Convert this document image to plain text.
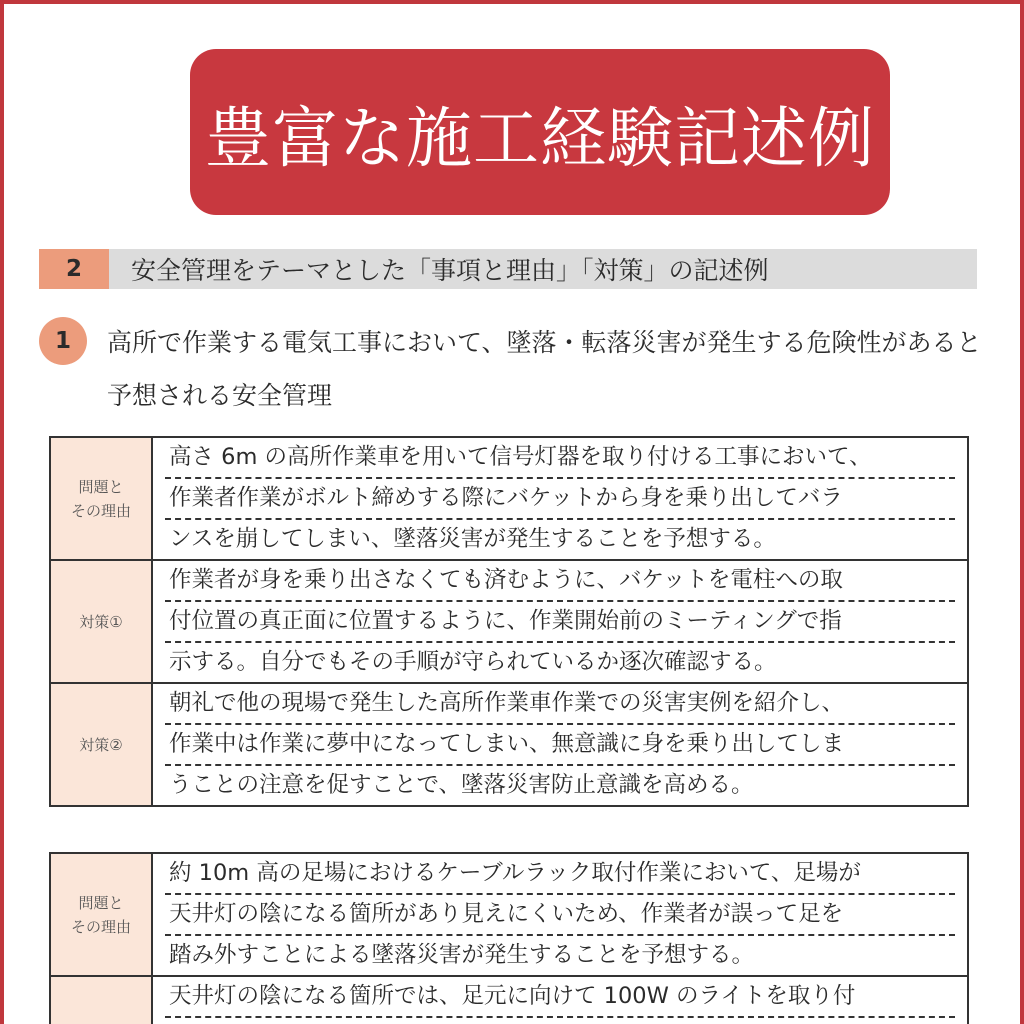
豊富な施工経験記述例
2	安全管理をテーマとした「事項と理由」「対策」の記述例
1	高所で作業する電気工事において、墜落・転落災害が発生する危険性があると予想される安全管理
問題と
その理由
高さ 6m の高所作業車を用いて信号灯器を取り付ける工事において、
作業者作業がボルト締めする際にバケットから身を乗り出してバラ
ンスを崩してしまい、墜落災害が発生することを予想する。
対策①
作業者が身を乗り出さなくても済むように、バケットを電柱への取
付位置の真正面に位置するように、作業開始前のミーティングで指
示する。自分でもその手順が守られているか逐次確認する。
対策②
朝礼で他の現場で発生した高所作業車作業での災害実例を紹介し、
作業中は作業に夢中になってしまい、無意識に身を乗り出してしま
うことの注意を促すことで、墜落災害防止意識を高める。
問題と
その理由
約 10m 高の足場におけるケーブルラック取付作業において、足場が
天井灯の陰になる箇所があり見えにくいため、作業者が誤って足を
踏み外すことによる墜落災害が発生することを予想する。
天井灯の陰になる箇所では、足元に向けて 100W のライトを取り付
